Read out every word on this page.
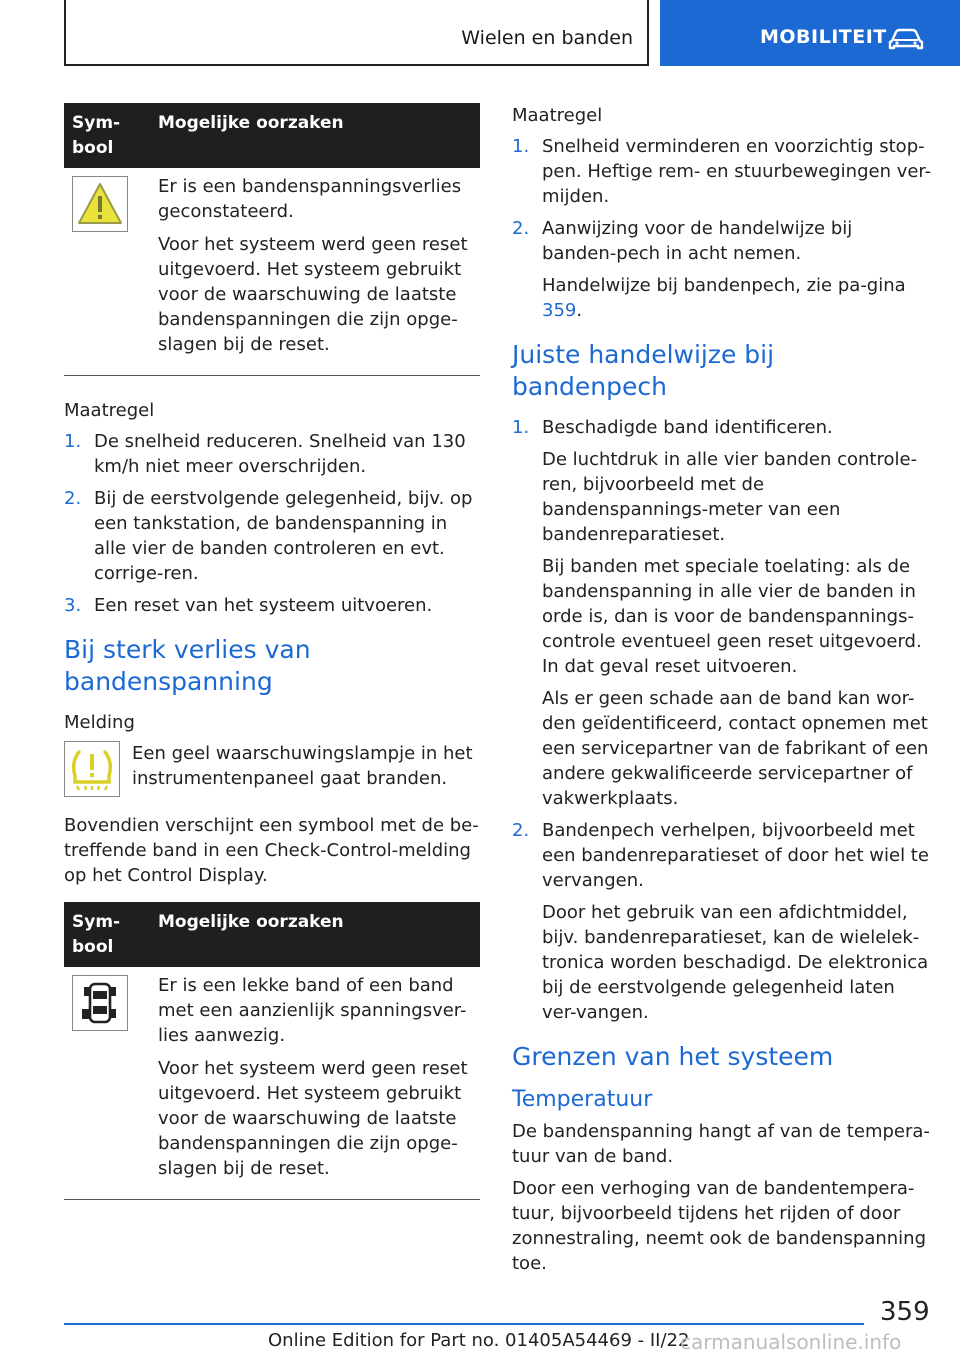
Wielen en banden	MOBILITEIT
Sym-
bool
Mogelijke oorzaken

Er is een bandenspanningsverlies geconstateerd.

Voor het systeem werd geen reset uitgevoerd. Het systeem gebruikt voor de waarschuwing de laatste bandenspanningen die zijn opge-slagen bij de reset.

Maatregel
1. De snelheid reduceren. Snelheid van 130 km/h niet meer overschrijden.
2. Bij de eerstvolgende gelegenheid, bijv. op een tankstation, de bandenspanning in alle vier de banden controleren en evt. corrige-ren.
3. Een reset van het systeem uitvoeren.
Bij sterk verlies van bandenspanning
Melding
Een geel waarschuwingslampje in het instrumentenpaneel gaat branden.
Bovendien verschijnt een symbool met de be-treffende band in een Check-Control-melding op het Control Display.
Sym-
bool
Mogelijke oorzaken

Er is een lekke band of een band met een aanzienlijk spanningsver-lies aanwezig.

Voor het systeem werd geen reset uitgevoerd. Het systeem gebruikt voor de waarschuwing de laatste bandenspanningen die zijn opge-slagen bij de reset.

Maatregel
1. Snelheid verminderen en voorzichtig stop-pen. Heftige rem- en stuurbewegingen ver-mijden.
2. Aanwijzing voor de handelwijze bij banden-pech in acht nemen.

Handelwijze bij bandenpech, zie pa-gina 359.

Juiste handelwijze bij bandenpech
1. Beschadigde band identificeren.

De luchtdruk in alle vier banden controle-ren, bijvoorbeeld met de bandenspannings-meter van een bandenreparatieset.

Bij banden met speciale toelating: als de bandenspanning in alle vier de banden in orde is, dan is voor de bandenspannings-controle eventueel geen reset uitgevoerd. In dat geval reset uitvoeren.

Als er geen schade aan de band kan wor-den geïdentificeerd, contact opnemen met een servicepartner van de fabrikant of een andere gekwalificeerde servicepartner of vakwerkplaats.

2. Bandenpech verhelpen, bijvoorbeeld met een bandenreparatieset of door het wiel te vervangen.

Door het gebruik van een afdichtmiddel, bijv. bandenreparatieset, kan de wielelek-tronica worden beschadigd. De elektronica bij de eerstvolgende gelegenheid laten ver-vangen.

Grenzen van het systeem
Temperatuur
De bandenspanning hangt af van de tempera-tuur van de band.
Door een verhoging van de bandentempera-tuur, bijvoorbeeld tijdens het rijden of door zonnestraling, neemt ook de bandenspanning toe.
359
Online Edition for Part no. 01405A54469 - II/22
carmanualsonline.info
